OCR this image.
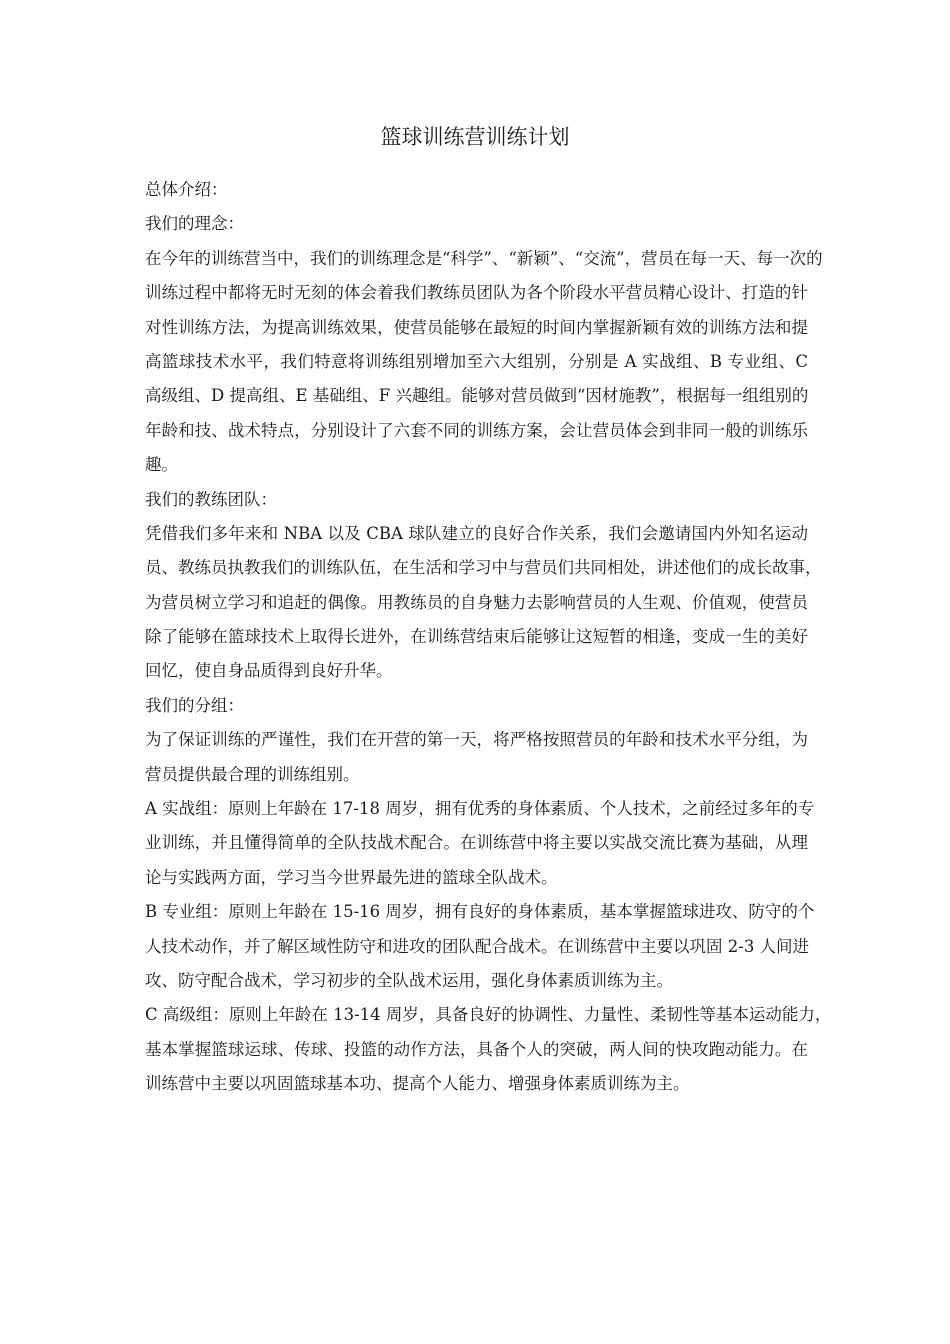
篮球训练营训练计划

总体介绍：

我们的理念：

在今年的训练营当中，我们的训练理念是“科学”、“新颖”、“交流”，营员在每一天、每一次的

训练过程中都将无时无刻的体会着我们教练员团队为各个阶段水平营员精心设计、打造的针

对性训练方法，为提高训练效果，使营员能够在最短的时间内掌握新颖有效的训练方法和提

高篮球技术水平，我们特意将训练组别增加至六大组别，分别是 A 实战组、B 专业组、C

高级组、D 提高组、E 基础组、F 兴趣组。能够对营员做到“因材施教”，根据每一组组别的

年龄和技、战术特点，分别设计了六套不同的训练方案，会让营员体会到非同一般的训练乐

趣。

我们的教练团队：

凭借我们多年来和 NBA 以及 CBA 球队建立的良好合作关系，我们会邀请国内外知名运动

员、教练员执教我们的训练队伍，在生活和学习中与营员们共同相处，讲述他们的成长故事，

为营员树立学习和追赶的偶像。用教练员的自身魅力去影响营员的人生观、价值观，使营员

除了能够在篮球技术上取得长进外，在训练营结束后能够让这短暂的相逢，变成一生的美好

回忆，使自身品质得到良好升华。

我们的分组：

为了保证训练的严谨性，我们在开营的第一天，将严格按照营员的年龄和技术水平分组，为

营员提供最合理的训练组别。

A 实战组：原则上年龄在 17-18 周岁，拥有优秀的身体素质、个人技术，之前经过多年的专

业训练，并且懂得简单的全队技战术配合。在训练营中将主要以实战交流比赛为基础，从理

论与实践两方面，学习当今世界最先进的篮球全队战术。

B 专业组：原则上年龄在 15-16 周岁，拥有良好的身体素质，基本掌握篮球进攻、防守的个

人技术动作，并了解区域性防守和进攻的团队配合战术。在训练营中主要以巩固 2-3 人间进

攻、防守配合战术，学习初步的全队战术运用，强化身体素质训练为主。

C 高级组：原则上年龄在 13-14 周岁，具备良好的协调性、力量性、柔韧性等基本运动能力，

基本掌握篮球运球、传球、投篮的动作方法，具备个人的突破，两人间的快攻跑动能力。在

训练营中主要以巩固篮球基本功、提高个人能力、增强身体素质训练为主。
